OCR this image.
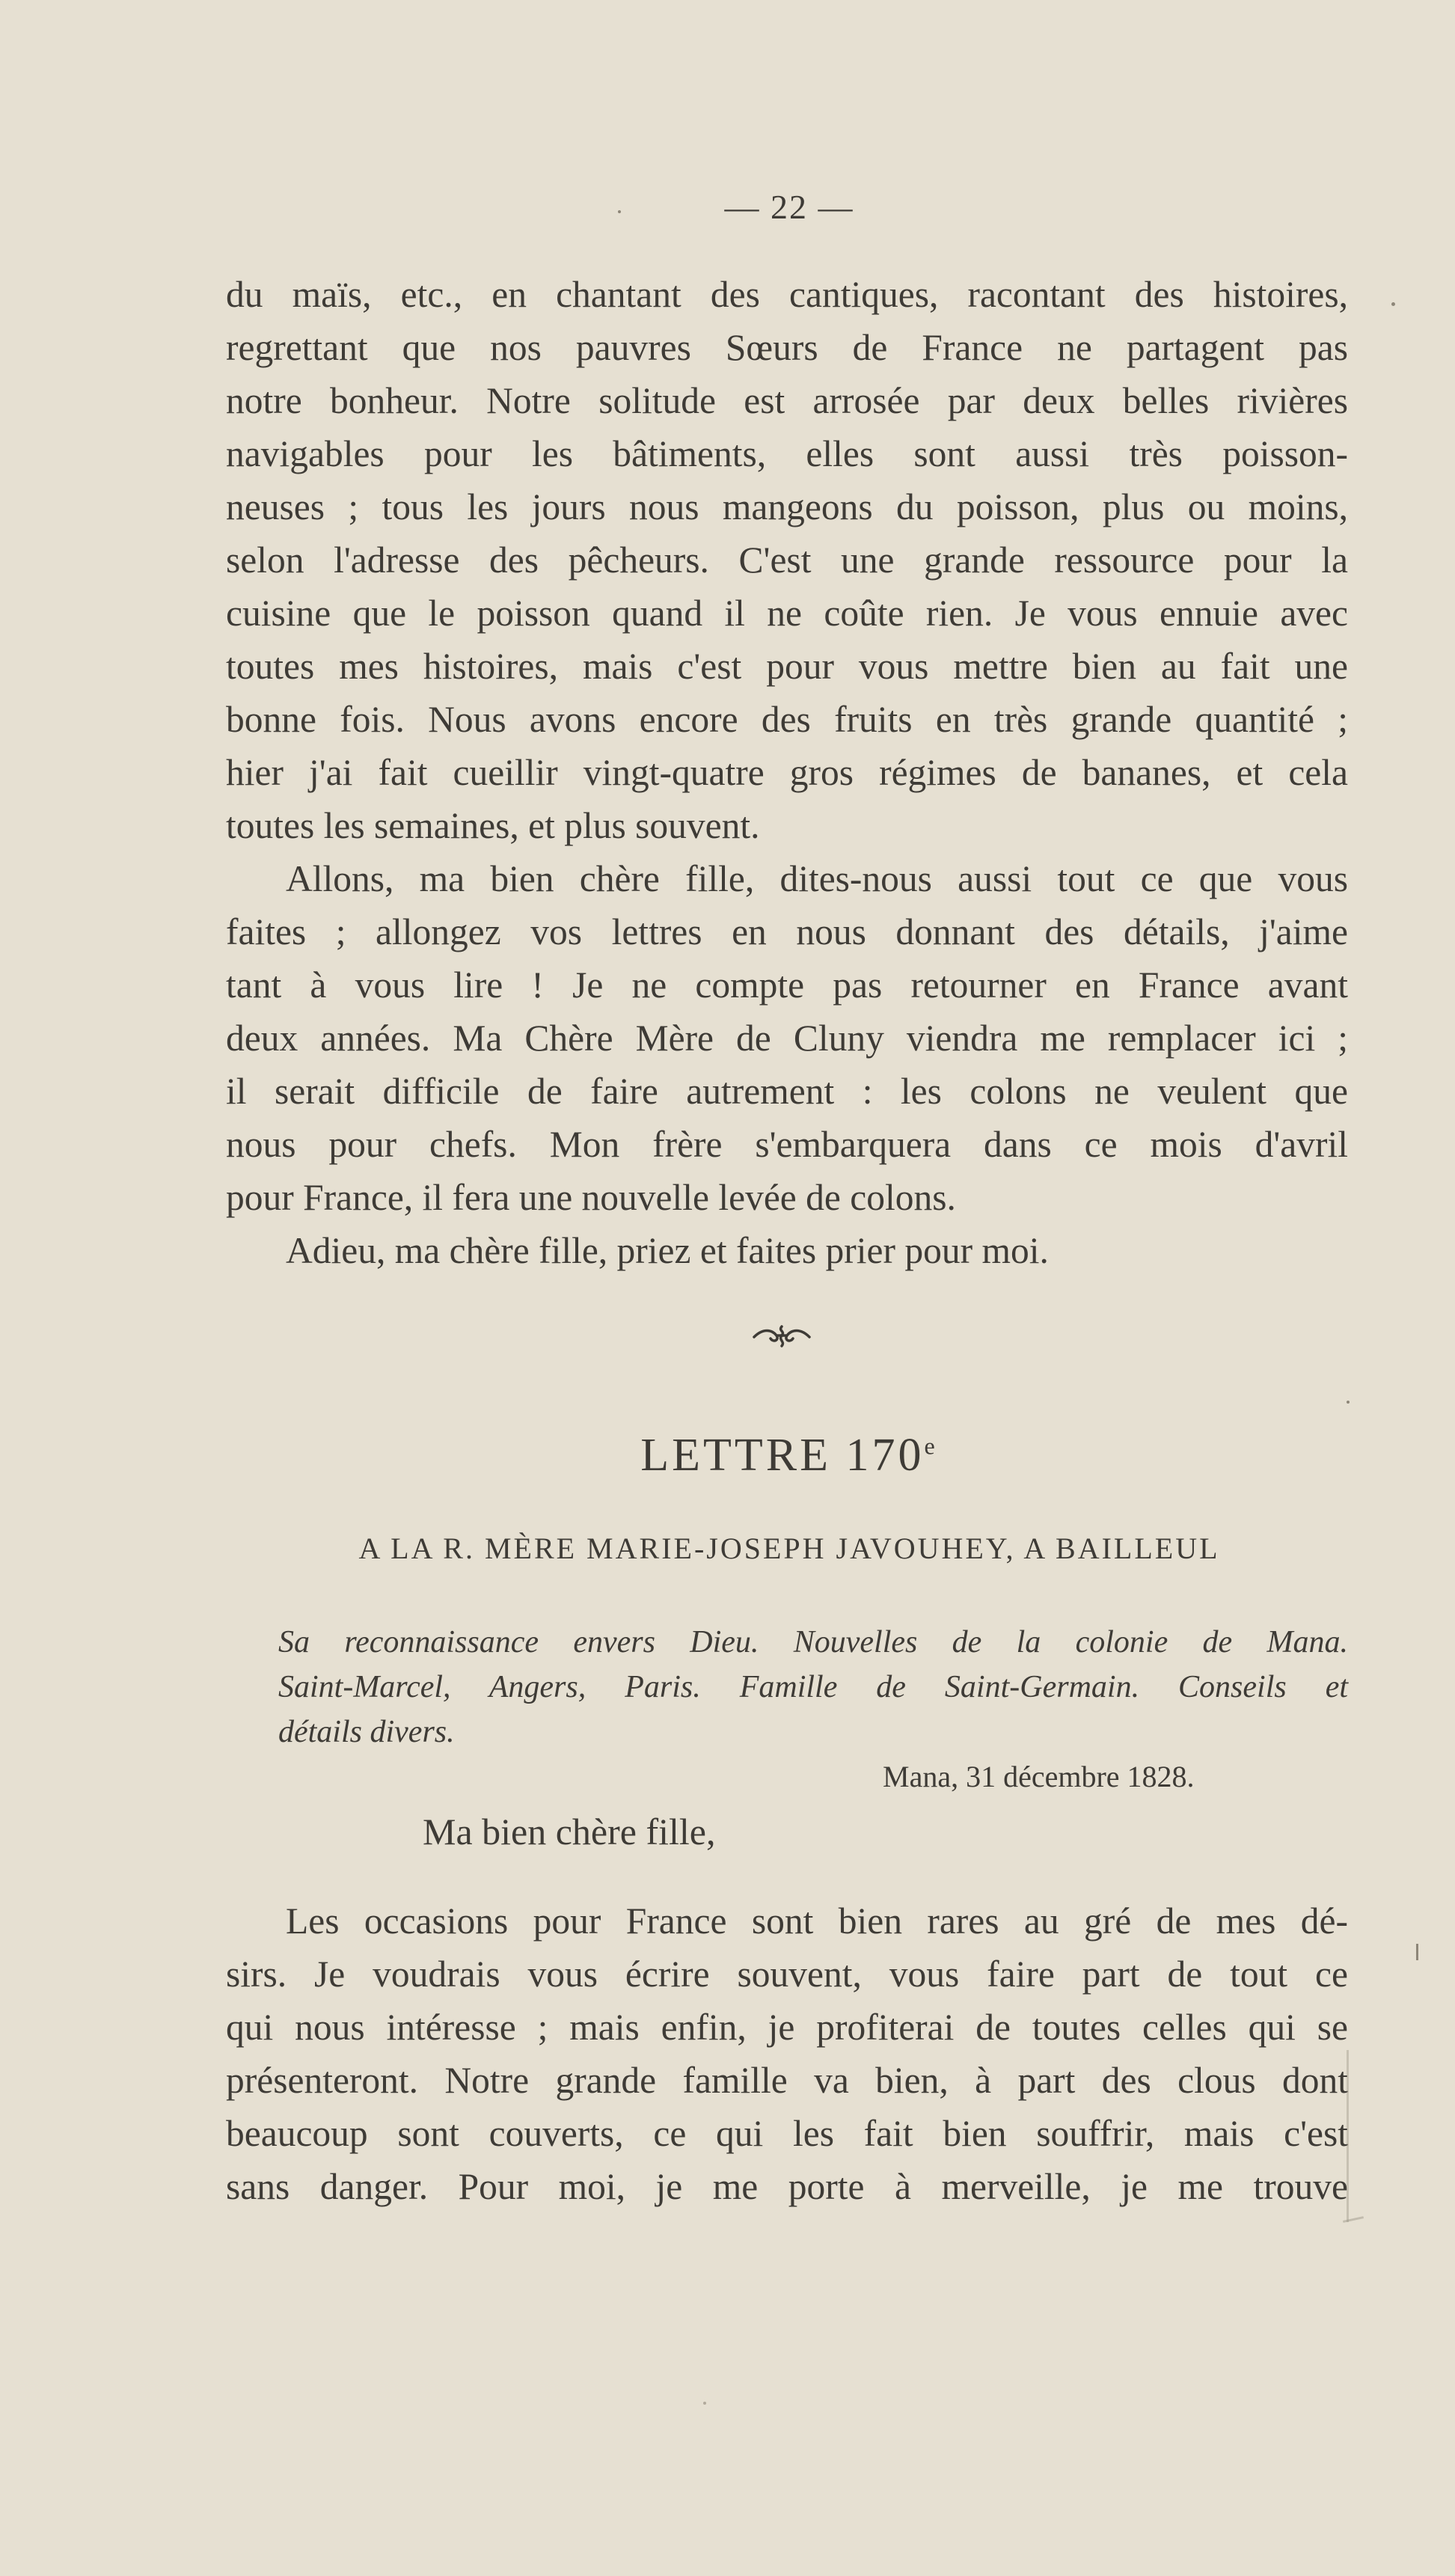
— 22 —

du maïs, etc., en chantant des cantiques, racontant des histoires,

regrettant que nos pauvres Sœurs de France ne partagent pas

notre bonheur. Notre solitude est arrosée par deux belles rivières

navigables pour les bâtiments, elles sont aussi très poisson-

neuses ; tous les jours nous mangeons du poisson, plus ou moins,

selon l'adresse des pêcheurs. C'est une grande ressource pour la

cuisine que le poisson quand il ne coûte rien. Je vous ennuie avec

toutes mes histoires, mais c'est pour vous mettre bien au fait une

bonne fois. Nous avons encore des fruits en très grande quantité ;

hier j'ai fait cueillir vingt-quatre gros régimes de bananes, et cela

toutes les semaines, et plus souvent.

Allons, ma bien chère fille, dites-nous aussi tout ce que vous

faites ; allongez vos lettres en nous donnant des détails, j'aime

tant à vous lire ! Je ne compte pas retourner en France avant

deux années. Ma Chère Mère de Cluny viendra me remplacer ici ;

il serait difficile de faire autrement : les colons ne veulent que

nous pour chefs. Mon frère s'embarquera dans ce mois d'avril

pour France, il fera une nouvelle levée de colons.

Adieu, ma chère fille, priez et faites prier pour moi.

LETTRE 170e
A LA R. MÈRE MARIE-JOSEPH JAVOUHEY, A BAILLEUL

Sa reconnaissance envers Dieu. Nouvelles de la colonie de Mana.

Saint-Marcel, Angers, Paris. Famille de Saint-Germain. Conseils et

détails divers.

Mana, 31 décembre 1828.
Ma bien chère fille,

Les occasions pour France sont bien rares au gré de mes dé-

sirs. Je voudrais vous écrire souvent, vous faire part de tout ce

qui nous intéresse ; mais enfin, je profiterai de toutes celles qui se

présenteront. Notre grande famille va bien, à part des clous dont

beaucoup sont couverts, ce qui les fait bien souffrir, mais c'est

sans danger. Pour moi, je me porte à merveille, je me trouve
